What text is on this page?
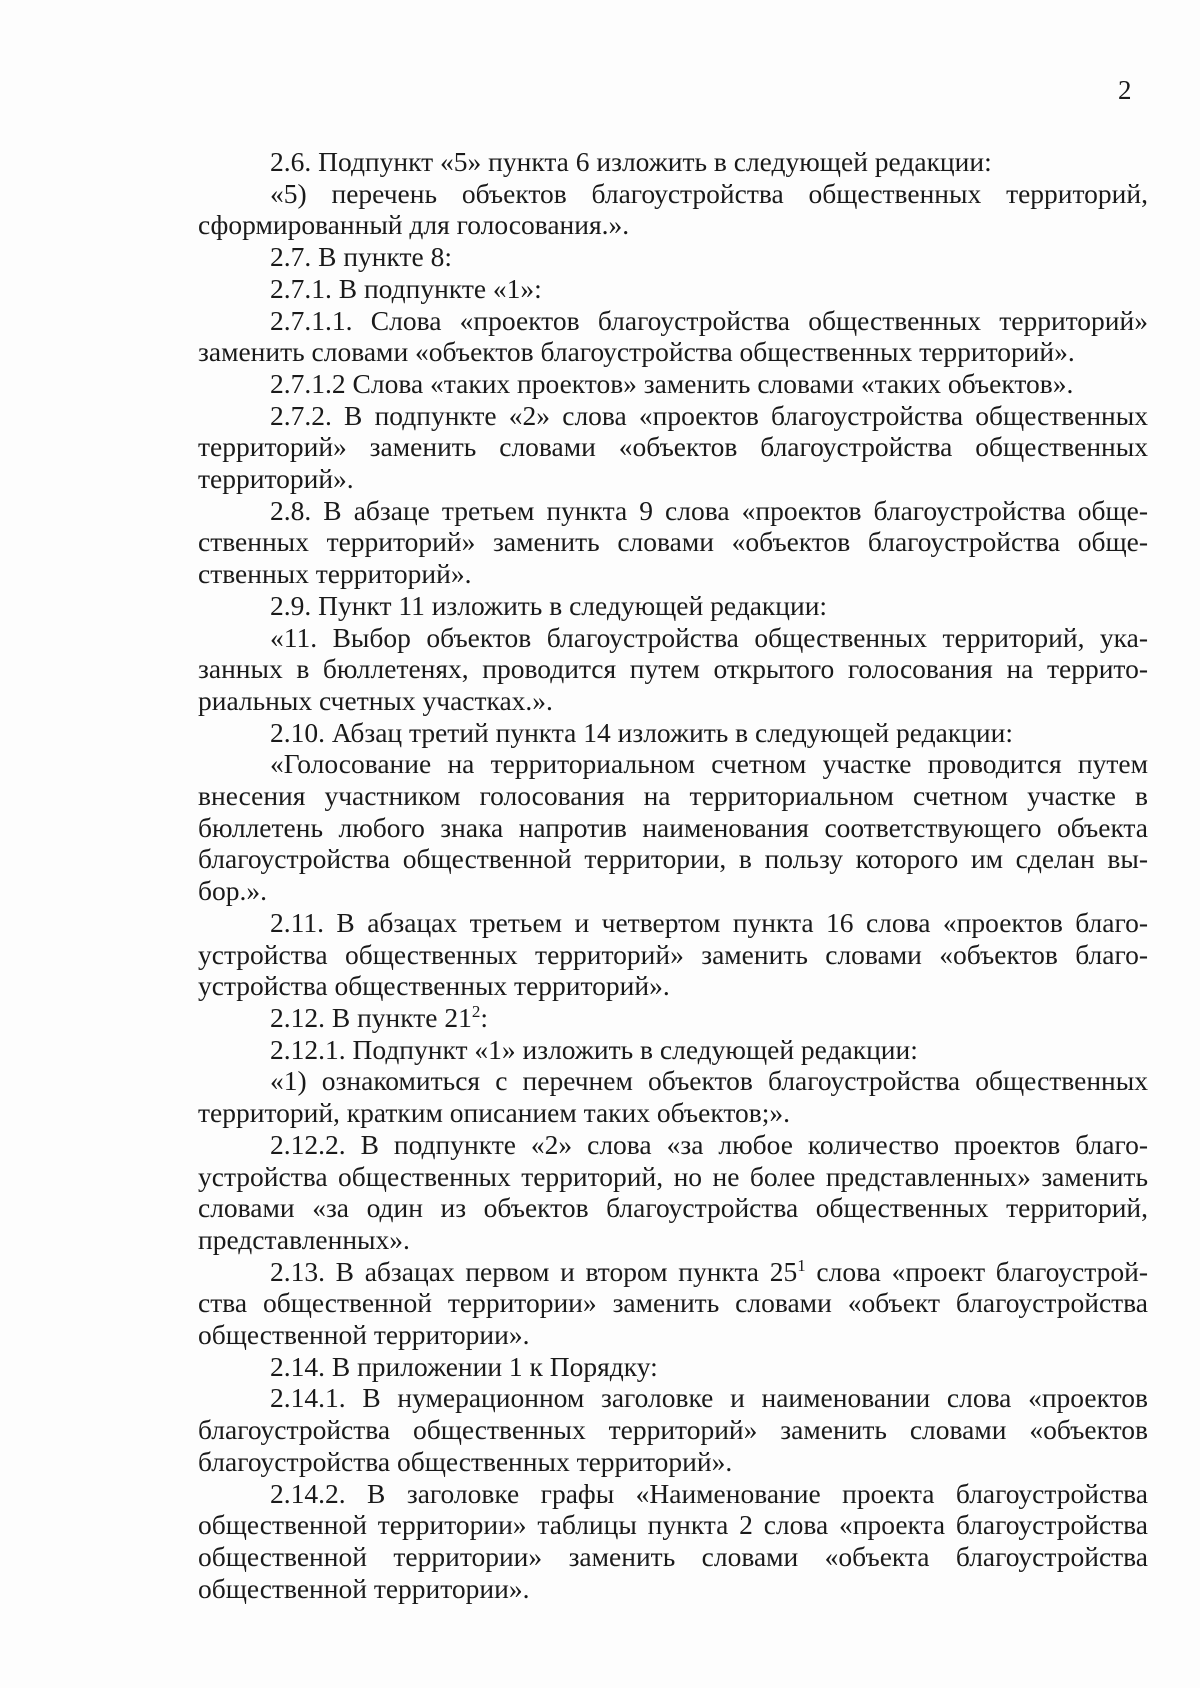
2

2.6. Подпункт «5» пункта 6 изложить в следующей редакции:

«5) перечень объектов благоустройства общественных территорий, сформированный для голосования.».

2.7. В пункте 8:

2.7.1. В подпункте «1»:

2.7.1.1. Слова «проектов благоустройства общественных территорий» заменить словами «объектов благоустройства общественных территорий».

2.7.1.2 Слова «таких проектов» заменить словами «таких объектов».

2.7.2. В подпункте «2» слова «проектов благоустройства общественных территорий» заменить словами «объектов благоустройства общественных территорий».

2.8. В абзаце третьем пункта 9 слова «проектов благоустройства общественных территорий» заменить словами «объектов благоустройства общественных территорий».

2.9. Пункт 11 изложить в следующей редакции:

«11. Выбор объектов благоустройства общественных территорий, указанных в бюллетенях, проводится путем открытого голосования на территориальных счетных участках.».

2.10. Абзац третий пункта 14 изложить в следующей редакции:

«Голосование на территориальном счетном участке проводится путем внесения участником голосования на территориальном счетном участке в бюллетень любого знака напротив наименования соответствующего объекта благоустройства общественной территории, в пользу которого им сделан выбор.».

2.11. В абзацах третьем и четвертом пункта 16 слова «проектов благоустройства общественных территорий» заменить словами «объектов благоустройства общественных территорий».

2.12. В пункте $21^2$:

2.12.1. Подпункт «1» изложить в следующей редакции:

«1) ознакомиться с перечнем объектов благоустройства общественных территорий, кратким описанием таких объектов;».

2.12.2. В подпункте «2» слова «за любое количество проектов благоустройства общественных территорий, но не более представленных» заменить словами «за один из объектов благоустройства общественных территорий, представленных».

2.13. В абзацах первом и втором пункта $25^1$ слова «проект благоустройства общественной территории» заменить словами «объект благоустройства общественной территории».

2.14. В приложении 1 к Порядку:

2.14.1. В нумерационном заголовке и наименовании слова «проектов благоустройства общественных территорий» заменить словами «объектов благоустройства общественных территорий».

2.14.2. В заголовке графы «Наименование проекта благоустройства общественной территории» таблицы пункта 2 слова «проекта благоустройства общественной территории» заменить словами «объекта благоустройства общественной территории».
